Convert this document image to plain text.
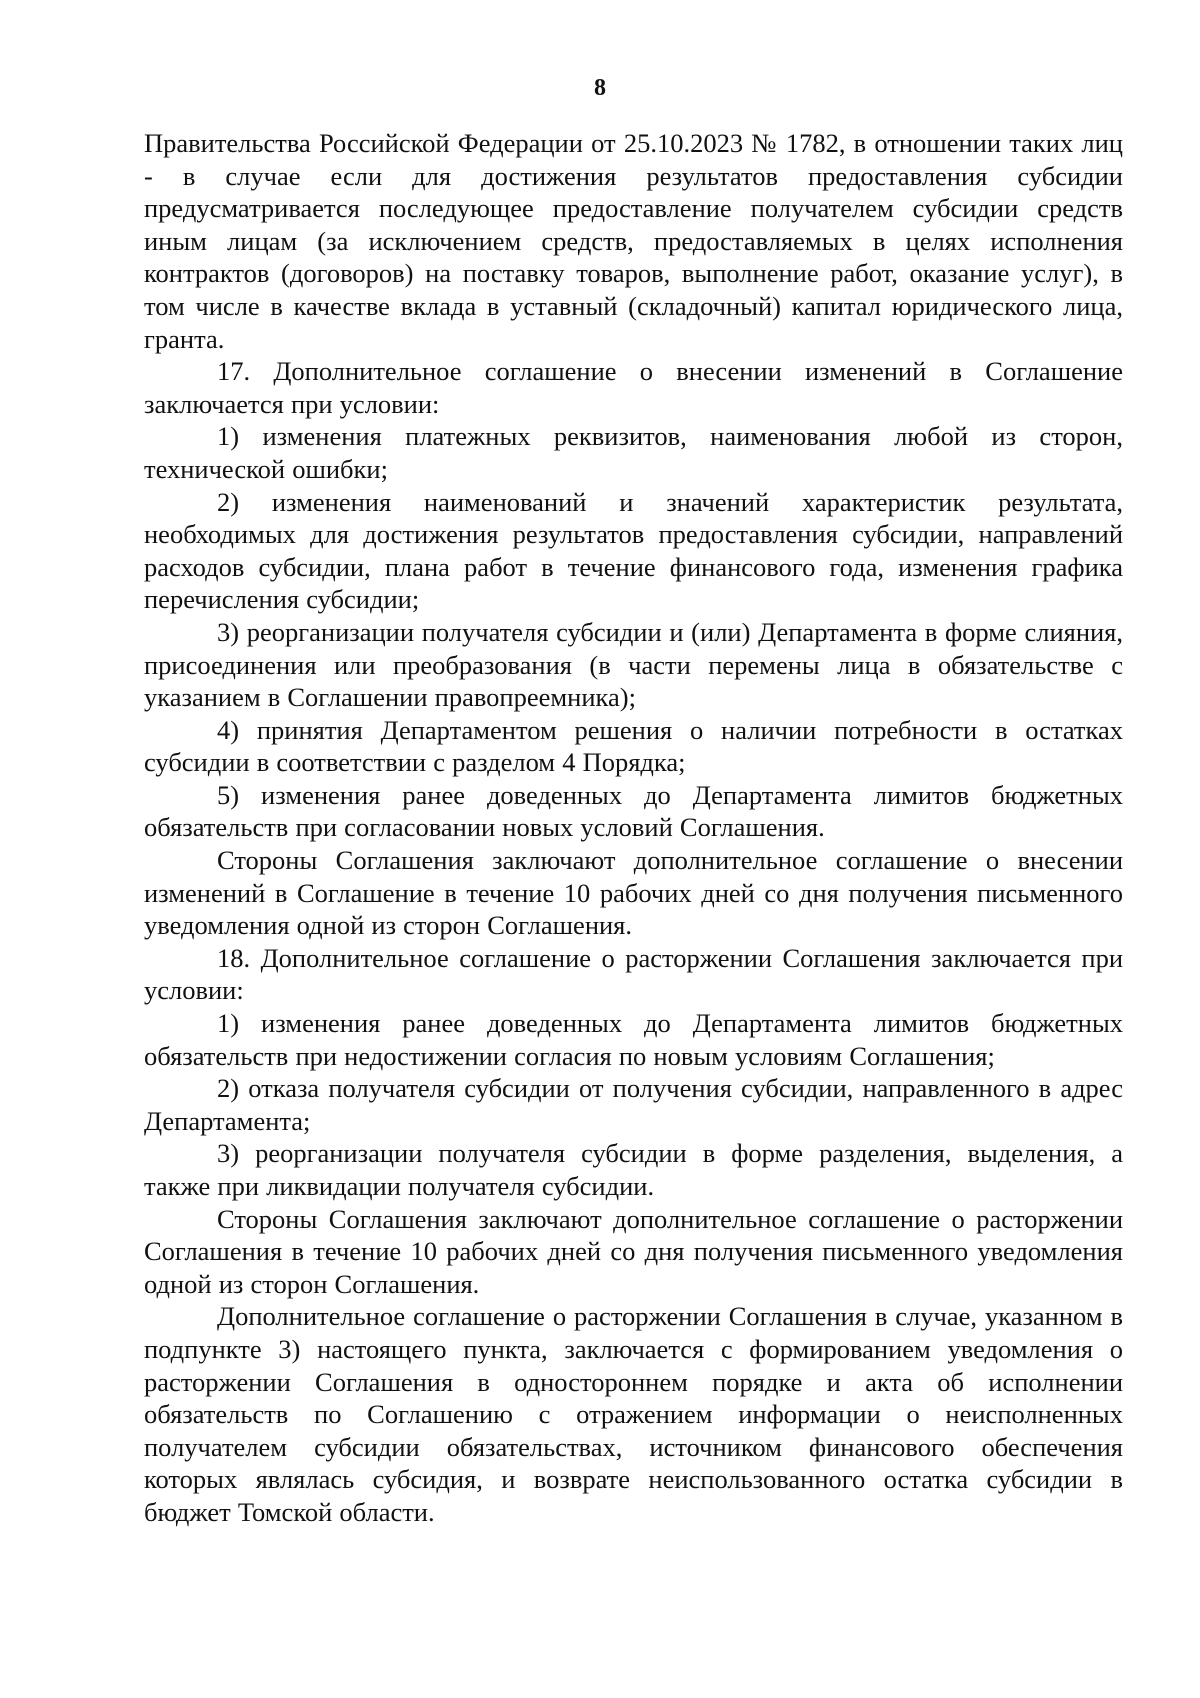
8

Правительства Российской Федерации от 25.10.2023 № 1782, в отношении таких лиц - в случае если для достижения результатов предоставления субсидии предусматривается последующее предоставление получателем субсидии средств иным лицам (за исключением средств, предоставляемых в целях исполнения контрактов (договоров) на поставку товаров, выполнение работ, оказание услуг), в том числе в качестве вклада в уставный (складочный) капитал юридического лица, гранта.

17. Дополнительное соглашение о внесении изменений в Соглашение заключается при условии:

1) изменения платежных реквизитов, наименования любой из сторон, технической ошибки;

2) изменения наименований и значений характеристик результата, необходимых для достижения результатов предоставления субсидии, направлений расходов субсидии, плана работ в течение финансового года, изменения графика перечисления субсидии;

3) реорганизации получателя субсидии и (или) Департамента в форме слияния, присоединения или преобразования (в части перемены лица в обязательстве с указанием в Соглашении правопреемника);

4) принятия Департаментом решения о наличии потребности в остатках субсидии в соответствии с разделом 4 Порядка;

5) изменения ранее доведенных до Департамента лимитов бюджетных обязательств при согласовании новых условий Соглашения.

Стороны Соглашения заключают дополнительное соглашение о внесении изменений в Соглашение в течение 10 рабочих дней со дня получения письменного уведомления одной из сторон Соглашения.

18. Дополнительное соглашение о расторжении Соглашения заключается при условии:

1) изменения ранее доведенных до Департамента лимитов бюджетных обязательств при недостижении согласия по новым условиям Соглашения;

2) отказа получателя субсидии от получения субсидии, направленного в адрес Департамента;

3) реорганизации получателя субсидии в форме разделения, выделения, а также при ликвидации получателя субсидии.

Стороны Соглашения заключают дополнительное соглашение о расторжении Соглашения в течение 10 рабочих дней со дня получения письменного уведомления одной из сторон Соглашения.

Дополнительное соглашение о расторжении Соглашения в случае, указанном в подпункте 3) настоящего пункта, заключается с формированием уведомления о расторжении Соглашения в одностороннем порядке и акта об исполнении обязательств по Соглашению с отражением информации о неисполненных получателем субсидии обязательствах, источником финансового обеспечения которых являлась субсидия, и возврате неиспользованного остатка субсидии в бюджет Томской области.
